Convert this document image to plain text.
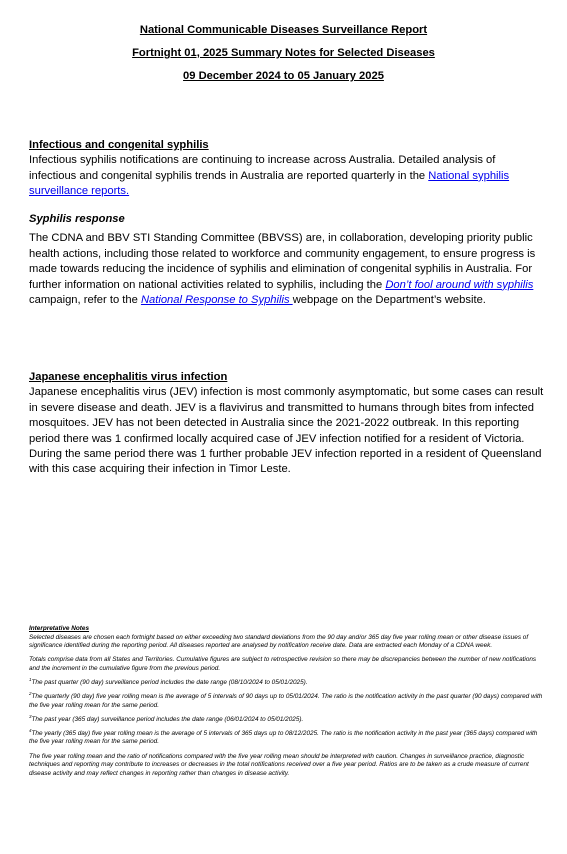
National Communicable Diseases Surveillance Report
Fortnight 01, 2025 Summary Notes for Selected Diseases
09 December 2024 to 05 January 2025
Infectious and congenital syphilis
Infectious syphilis notifications are continuing to increase across Australia. Detailed analysis of infectious and congenital syphilis trends in Australia are reported quarterly in the National syphilis surveillance reports.
Syphilis response
The CDNA and BBV STI Standing Committee (BBVSS) are, in collaboration, developing priority public health actions, including those related to workforce and community engagement, to ensure progress is made towards reducing the incidence of syphilis and elimination of congenital syphilis in Australia. For further information on national activities related to syphilis, including the Don’t fool around with syphilis campaign, refer to the National Response to Syphilis webpage on the Department’s website.
Japanese encephalitis virus infection
Japanese encephalitis virus (JEV) infection is most commonly asymptomatic, but some cases can result in severe disease and death. JEV is a flavivirus and transmitted to humans through bites from infected mosquitoes. JEV has not been detected in Australia since the 2021-2022 outbreak. In this reporting period there was 1 confirmed locally acquired case of JEV infection notified for a resident of Victoria. During the same period there was 1 further probable JEV infection reported in a resident of Queensland with this case acquiring their infection in Timor Leste.
Interpretative Notes

Selected diseases are chosen each fortnight based on either exceeding two standard deviations from the 90 day and/or 365 day five year rolling mean or other disease issues of significance identified during the reporting period. All diseases reported are analysed by notification receive date. Data are extracted each Monday of a CDNA week.

Totals comprise data from all States and Territories. Cumulative figures are subject to retrospective revision so there may be discrepancies between the number of new notifications and the increment in the cumulative figure from the previous period.

$^1$The past quarter (90 day) surveillance period includes the date range (08/10/2024 to 05/01/2025).

$^2$The quarterly (90 day) five year rolling mean is the average of 5 intervals of 90 days up to 05/01/2024. The ratio is the notification activity in the past quarter (90 days) compared with the five year rolling mean for the same period.

$^3$The past year (365 day) surveillance period includes the date range (06/01/2024 to 05/01/2025).

$^4$The yearly (365 day) five year rolling mean is the average of 5 intervals of 365 days up to 08/12/2025. The ratio is the notification activity in the past year (365 days) compared with the five year rolling mean for the same period.

The five year rolling mean and the ratio of notifications compared with the five year rolling mean should be interpreted with caution. Changes in surveillance practice, diagnostic techniques and reporting may contribute to increases or decreases in the total notifications received over a five year period. Ratios are to be taken as a crude measure of current disease activity and may reflect changes in reporting rather than changes in disease activity.
